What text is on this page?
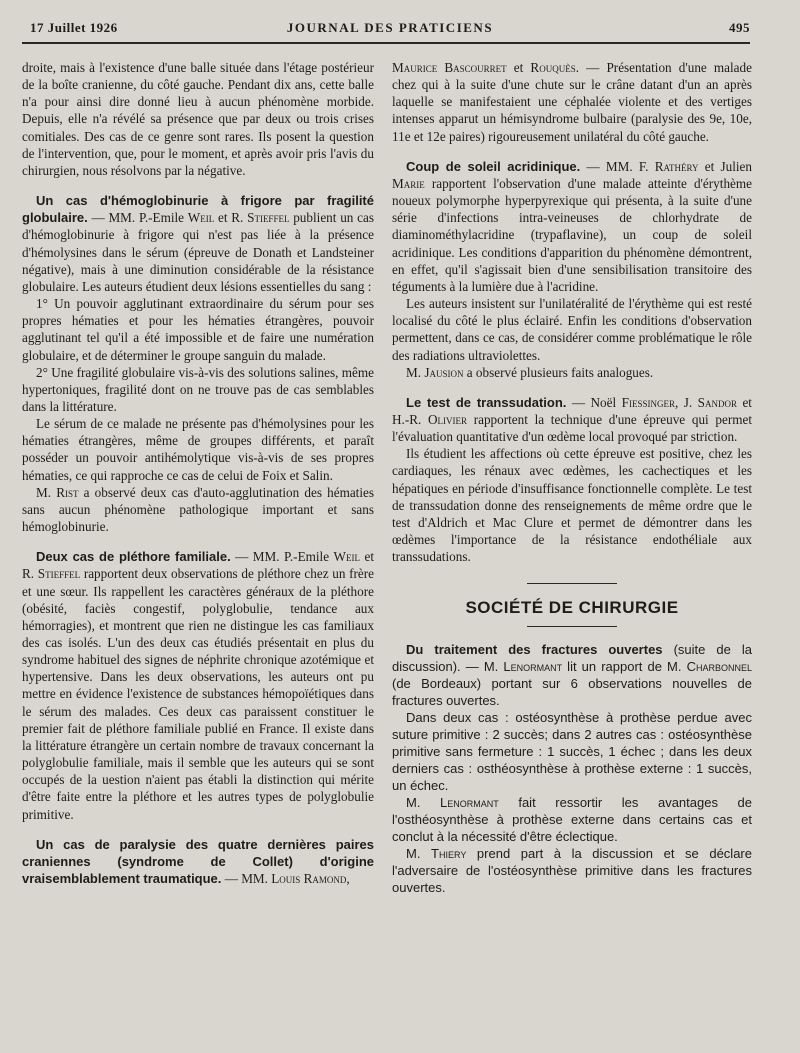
17 Juillet 1926	JOURNAL DES PRATICIENS	495

droite, mais à l'existence d'une balle située dans l'étage postérieur de la boîte cranienne, du côté gauche. Pendant dix ans, cette balle n'a pour ainsi dire donné lieu à aucun phénomène morbide. Depuis, elle n'a révélé sa présence que par deux ou trois crises comitiales. Des cas de ce genre sont rares. Ils posent la question de l'intervention, que, pour le moment, et après avoir pris l'avis du chirurgien, nous résolvons par la négative.

Un cas d'hémoglobinurie à frigore par fragilité globulaire. — MM. P.-Emile Weil et R. Stieffel publient un cas d'hémoglobinurie à frigore qui n'est pas liée à la présence d'hémolysines dans le sérum (épreuve de Donath et Landsteiner négative), mais à une diminution considérable de la résistance globulaire. Les auteurs étudient deux lésions essentielles du sang :

1° Un pouvoir agglutinant extraordinaire du sérum pour ses propres hématies et pour les hématies étrangères, pouvoir agglutinant tel qu'il a été impossible et de faire une numération globulaire, et de déterminer le groupe sanguin du malade.

2° Une fragilité globulaire vis-à-vis des solutions salines, même hypertoniques, fragilité dont on ne trouve pas de cas semblables dans la littérature.

Le sérum de ce malade ne présente pas d'hémolysines pour les hématies étrangères, même de groupes différents, et paraît posséder un pouvoir antihémolytique vis-à-vis de ses propres hématies, ce qui rapproche ce cas de celui de Foix et Salin.

M. Rist a observé deux cas d'auto-agglutination des hématies sans aucun phénomène pathologique important et sans hémoglobinurie.

Deux cas de pléthore familiale. — MM. P.-Emile Weil et R. Stieffel rapportent deux observations de pléthore chez un frère et une sœur. Ils rappellent les caractères généraux de la pléthore (obésité, faciès congestif, polyglobulie, tendance aux hémorragies), et montrent que rien ne distingue les cas familiaux des cas isolés. L'un des deux cas étudiés présentait en plus du syndrome habituel des signes de néphrite chronique azotémique et hypertensive. Dans les deux observations, les auteurs ont pu mettre en évidence l'existence de substances hémopoïétiques dans le sérum des malades. Ces deux cas paraissent constituer le premier fait de pléthore familiale publié en France. Il existe dans la littérature étrangère un certain nombre de travaux concernant la polyglobulie familiale, mais il semble que les auteurs qui se sont occupés de la uestion n'aient pas établi la distinction qui mérite d'être faite entre la pléthore et les autres types de polyglobulie primitive.

Un cas de paralysie des quatre dernières paires craniennes (syndrome de Collet) d'origine vraisemblablement traumatique. — MM. Louis Ramond,

Maurice Bascourret et Rouquès. — Présentation d'une malade chez qui à la suite d'une chute sur le crâne datant d'un an après laquelle se manifestaient une céphalée violente et des vertiges intenses apparut un hémisyndrome bulbaire (paralysie des 9e, 10e, 11e et 12e paires) rigoureusement unilatéral du côté gauche.

Coup de soleil acridinique. — MM. F. Rathéry et Julien Marie rapportent l'observation d'une malade atteinte d'érythème noueux polymorphe hyperpyrexique qui présenta, à la suite d'une série d'infections intra-veineuses de chlorhydrate de diaminométhylacridine (trypaflavine), un coup de soleil acridinique. Les conditions d'apparition du phénomène démontrent, en effet, qu'il s'agissait bien d'une sensibilisation transitoire des téguments à la lumière due à l'acridine.

Les auteurs insistent sur l'unilatéralité de l'érythème qui est resté localisé du côté le plus éclairé. Enfin les conditions d'observation permettent, dans ce cas, de considérer comme problématique le rôle des radiations ultraviolettes.

M. Jausion a observé plusieurs faits analogues.

Le test de transsudation. — Noël Fiessinger, J. Sandor et H.-R. Olivier rapportent la technique d'une épreuve qui permet l'évaluation quantitative d'un œdème local provoqué par striction.

Ils étudient les affections où cette épreuve est positive, chez les cardiaques, les rénaux avec œdèmes, les cachectiques et les hépatiques en période d'insuffisance fonctionnelle complète. Le test de transsudation donne des renseignements de même ordre que le test d'Aldrich et Mac Clure et permet de démontrer dans les œdèmes l'importance de la résistance endothéliale aux transsudations.

SOCIÉTÉ DE CHIRURGIE

Du traitement des fractures ouvertes (suite de la discussion). — M. Lenormant lit un rapport de M. Charbonnel (de Bordeaux) portant sur 6 observations nouvelles de fractures ouvertes.

Dans deux cas : ostéosynthèse à prothèse perdue avec suture primitive : 2 succès; dans 2 autres cas : ostéosynthèse primitive sans fermeture : 1 succès, 1 échec ; dans les deux derniers cas : osthéosynthèse à prothèse externe : 1 succès, un échec.

M. Lenormant fait ressortir les avantages de l'osthéosynthèse à prothèse externe dans certains cas et conclut à la nécessité d'être éclectique.

M. Thiery prend part à la discussion et se déclare l'adversaire de l'ostéosynthèse primitive dans les fractures ouvertes.
